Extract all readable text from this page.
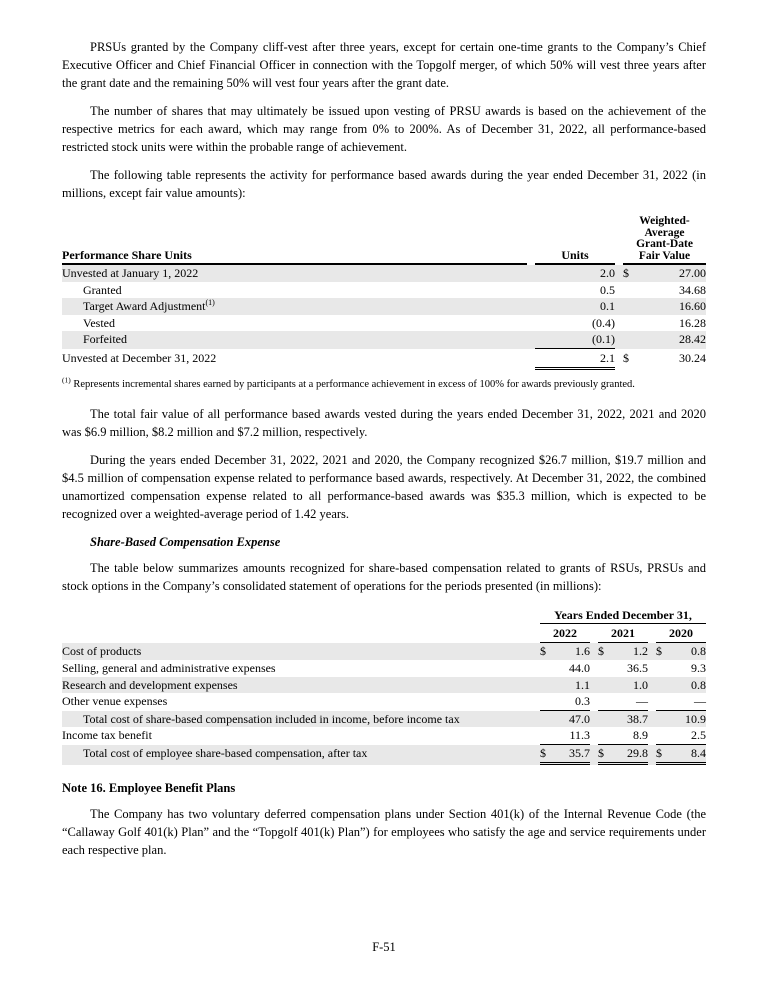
PRSUs granted by the Company cliff-vest after three years, except for certain one-time grants to the Company’s Chief Executive Officer and Chief Financial Officer in connection with the Topgolf merger, of which 50% will vest three years after the grant date and the remaining 50% will vest four years after the grant date.

The number of shares that may ultimately be issued upon vesting of PRSU awards is based on the achievement of the respective metrics for each award, which may range from 0% to 200%. As of December 31, 2022, all performance-based restricted stock units were within the probable range of achievement.

The following table represents the activity for performance based awards during the year ended December 31, 2022 (in millions, except fair value amounts):

Performance Share Units	Units
Weighted-
Average
Grant-Date
Fair Value
Unvested at January 1, 2022	2.0 $	27.00
Granted	0.5	34.68
Target Award Adjustment$^{(1)}$	0.1	16.60
Vested	(0.4)	16.28
Forfeited	(0.1)	28.42
Unvested at December 31, 2022	2.1 $	30.24
$^{(1)}$ Represents incremental shares earned by participants at a performance achievement in excess of 100% for awards previously granted.

The total fair value of all performance based awards vested during the years ended December 31, 2022, 2021 and 2020 was $6.9 million, $8.2 million and $7.2 million, respectively.

During the years ended December 31, 2022, 2021 and 2020, the Company recognized $26.7 million, $19.7 million and $4.5 million of compensation expense related to performance based awards, respectively. At December 31, 2022, the combined unamortized compensation expense related to all performance-based awards was $35.3 million, which is expected to be recognized over a weighted-average period of 1.42 years.

Share-Based Compensation Expense

The table below summarizes amounts recognized for share-based compensation related to grants of RSUs, PRSUs and stock options in the Company’s consolidated statement of operations for the periods presented (in millions):

Years Ended December 31,
2022	2021	2020
Cost of products	$ 1.6 $ 1.2 $ 0.8
Selling, general and administrative expenses	44.0	36.5	9.3
Research and development expenses	1.1	1.0	0.8
Other venue expenses	0.3	—	—
Total cost of share-based compensation included in income, before income tax	47.0	38.7	10.9
Income tax benefit	11.3	8.9	2.5
Total cost of employee share-based compensation, after tax	$ 35.7 $ 29.8 $ 8.4
Note 16. Employee Benefit Plans

The Company has two voluntary deferred compensation plans under Section 401(k) of the Internal Revenue Code (the “Callaway Golf 401(k) Plan” and the “Topgolf 401(k) Plan”) for employees who satisfy the age and service requirements under each respective plan.

F-51
